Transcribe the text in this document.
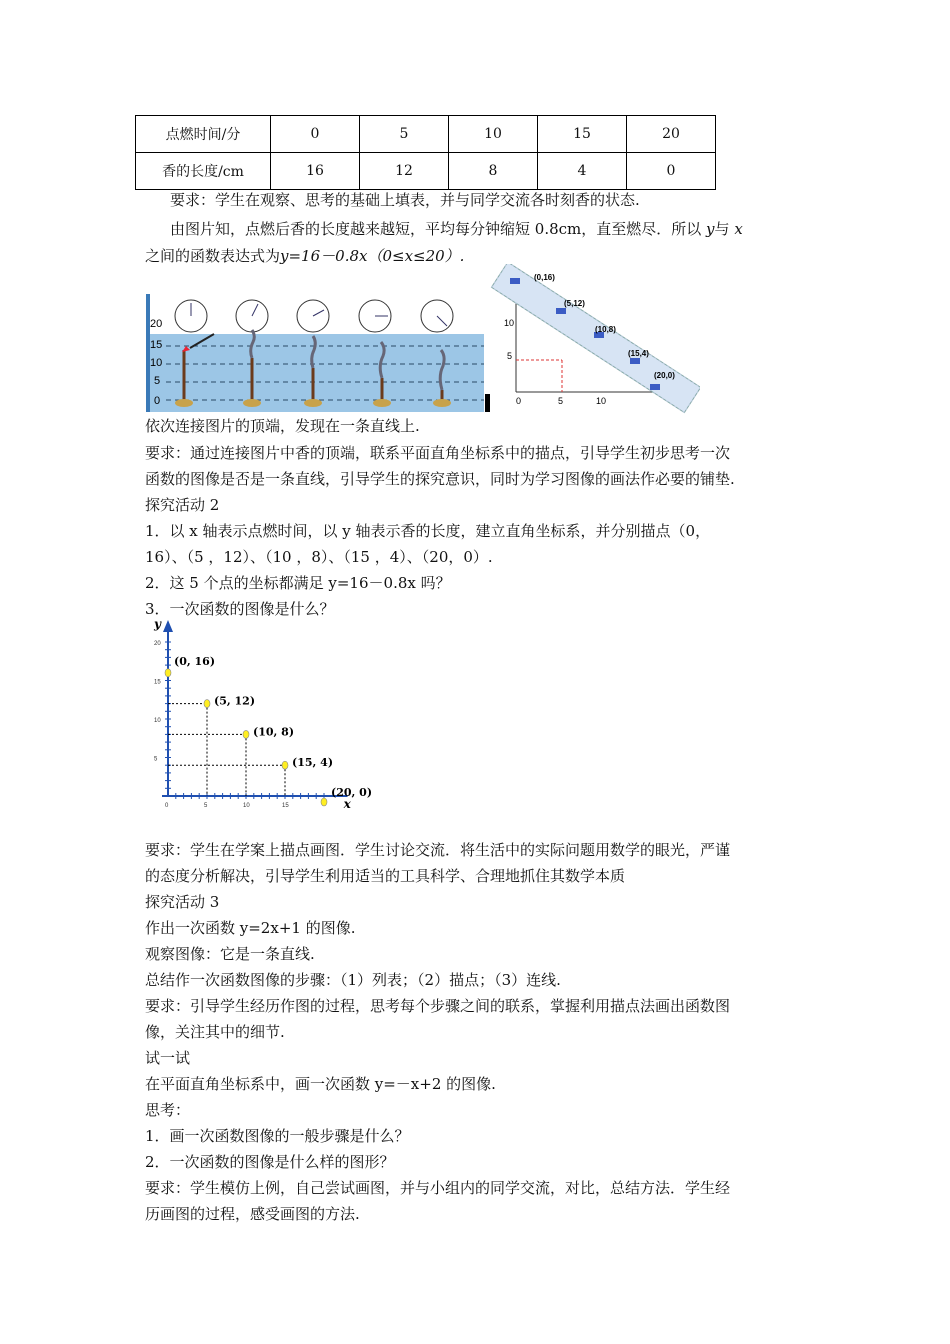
点燃时间/分	0	5	10	15	20
香的长度/cm	16	12	8	4	0
要求：学生在观察、思考的基础上填表，并与同学交流各时刻香的状态.
由图片知，点燃后香的长度越来越短，平均每分钟缩短 0.8cm，直至燃尽．所以 y与 x
之间的函数表达式为y=16－0.8x（0≤x≤20）.
20
15
10
5
0
10
5
0	5	10
(0,16)
(5,12)
(10,8)
(15,4)
(20,0)
依次连接图片的顶端，发现在一条直线上.
要求：通过连接图片中香的顶端，联系平面直角坐标系中的描点，引导学生初步思考一次
函数的图像是否是一条直线，引导学生的探究意识，同时为学习图像的画法作必要的铺垫.
探究活动 2
1．以 x 轴表示点燃时间，以 y 轴表示香的长度，建立直角坐标系，并分别描点（0，
16）、（5 ，12）、（10 ，8）、（15 ，4）、（20，0）.
2．这 5 个点的坐标都满足 y=16－0.8x 吗？
3．一次函数的图像是什么？
5
10
15
20
0	5	10	15
y
x
(0, 16)
(5, 12)
(10, 8)
(15, 4)
(20, 0)
要求：学生在学案上描点画图．学生讨论交流．将生活中的实际问题用数学的眼光，严谨
的态度分析解决，引导学生利用适当的工具科学、合理地抓住其数学本质
探究活动 3
作出一次函数 y=2x+1 的图像.
观察图像：它是一条直线.
总结作一次函数图像的步骤：（1）列表；（2）描点；（3）连线.
要求：引导学生经历作图的过程，思考每个步骤之间的联系，掌握利用描点法画出函数图
像，关注其中的细节.
试一试
在平面直角坐标系中，画一次函数 y=－x+2 的图像.
思考：
1．画一次函数图像的一般步骤是什么？
2．一次函数的图像是什么样的图形？
要求：学生模仿上例，自己尝试画图，并与小组内的同学交流，对比，总结方法．学生经
历画图的过程，感受画图的方法.
